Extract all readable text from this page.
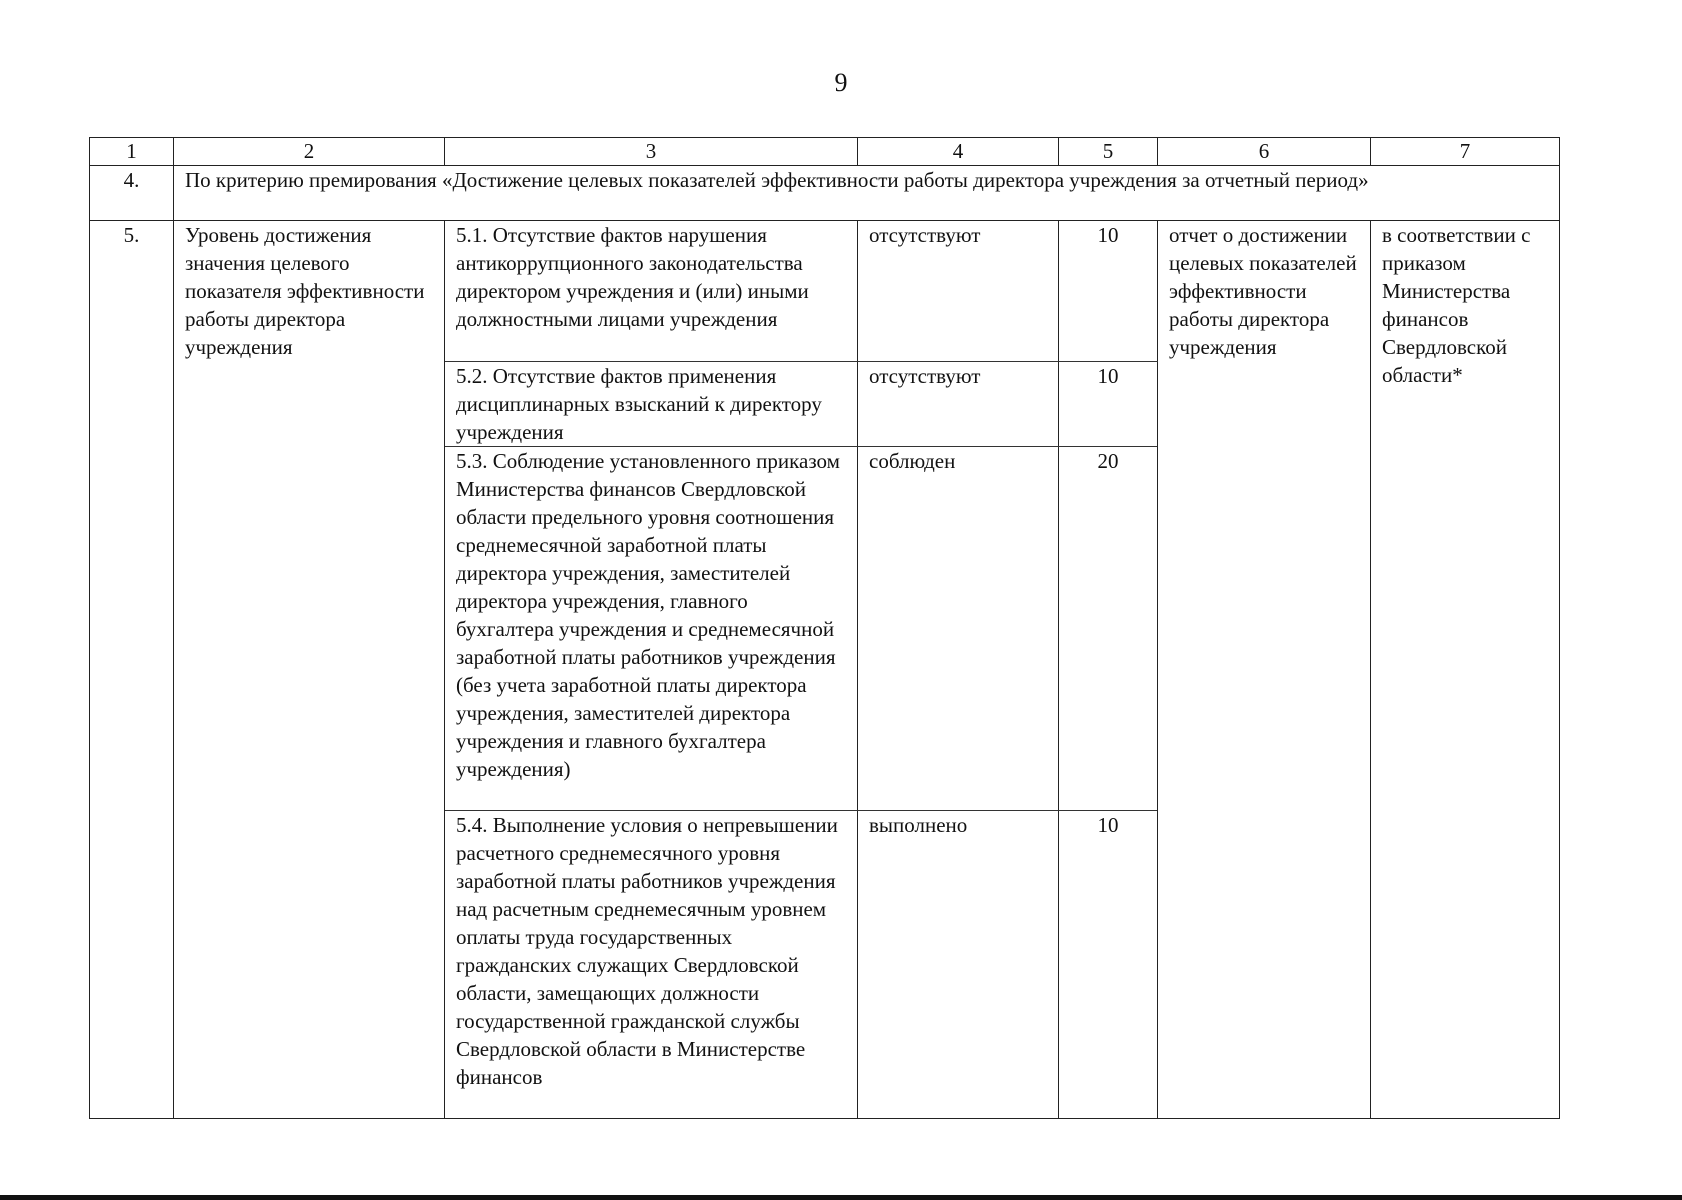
9
1	2	3	4	5	6	7
4.	По критерию премирования «Достижение целевых показателей эффективности работы директора учреждения за отчетный период»					
5.	Уровень достижения значения целевого показателя эффективности работы директора учреждения	5.1. Отсутствие фактов нарушения антикоррупционного законодательства директором учреждения и (или) иными должностными лицами учреждения	отсутствуют	10	отчет о достижении целевых показателей эффективности работы директора учреждения	в соответствии с приказом Министерства финансов Свердловской области*
		5.2. Отсутствие фактов применения дисциплинарных взысканий к директору учреждения	отсутствуют	10		
		5.3. Соблюдение установленного приказом Министерства финансов Свердловской области предельного уровня соотношения среднемесячной заработной платы директора учреждения, заместителей директора учреждения, главного бухгалтера учреждения и среднемесячной заработной платы работников учреждения (без учета заработной платы директора учреждения, заместителей директора учреждения и главного бухгалтера учреждения)	соблюден	20		
		5.4. Выполнение условия о непревышении расчетного среднемесячного уровня заработной платы работников учреждения над расчетным среднемесячным уровнем оплаты труда государственных гражданских служащих Свердловской области, замещающих должности государственной гражданской службы Свердловской области в Министерстве финансов	выполнено	10		
